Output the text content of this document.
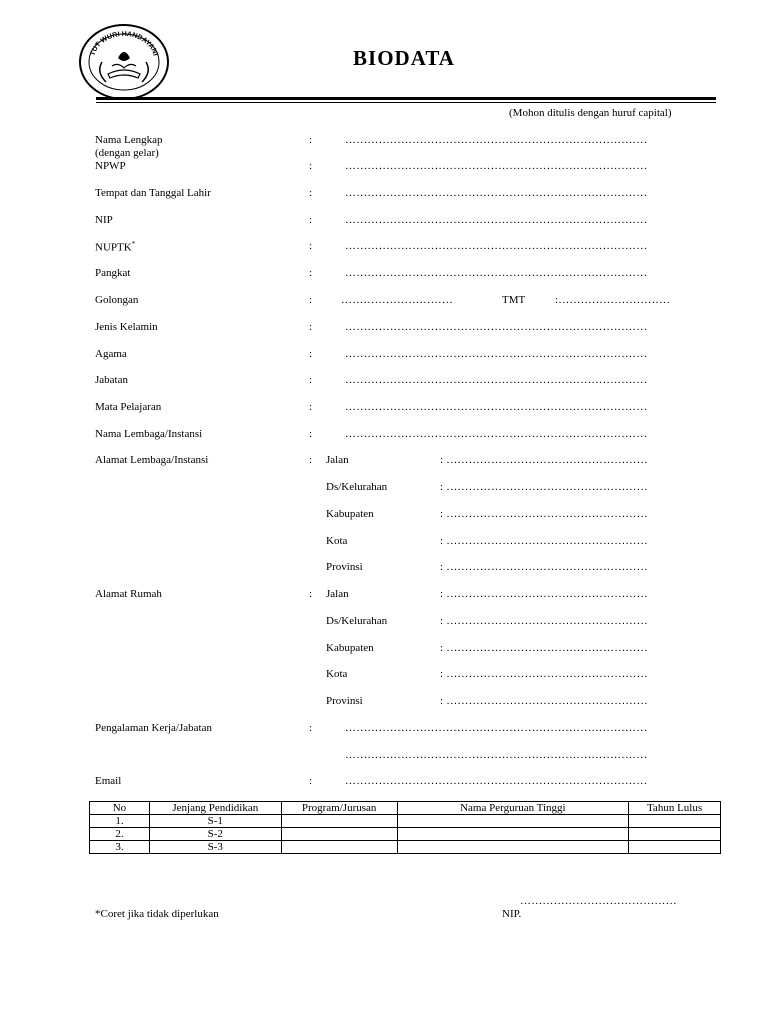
TUT WURI HANDAYANI	BIODATA
(Mohon ditulis dengan huruf capital)
Nama Lengkap
(dengan gelar)
:	………………………………………………………………………
NPWP	:	………………………………………………………………………
Tempat dan Tanggal Lahir	:	………………………………………………………………………
NIP	:	………………………………………………………………………
NUPTK*	:	………………………………………………………………………
Pangkat	:	………………………………………………………………………
Golongan	:	…………………………	TMT	:…………………………
Jenis Kelamin	:	………………………………………………………………………
Agama	:	………………………………………………………………………
Jabatan	:	………………………………………………………………………
Mata Pelajaran	:	………………………………………………………………………
Nama Lembaga/Instansi	:	………………………………………………………………………
Alamat Lembaga/Instansi	: Jalan	: ………………………………………………
Ds/Kelurahan	: ………………………………………………
Kabupaten	: ………………………………………………
Kota	: ………………………………………………
Provinsi	: ………………………………………………
Alamat Rumah	: Jalan	: ………………………………………………
Ds/Kelurahan	: ………………………………………………
Kabupaten	: ………………………………………………
Kota	: ………………………………………………
Provinsi	: ………………………………………………
Pengalaman Kerja/Jabatan	:	………………………………………………………………………
………………………………………………………………………
Email	:	………………………………………………………………………
No	Jenjang Pendidikan	Program/Jurusan	Nama Perguruan Tinggi	Tahun Lulus
1.	S-1			
2.	S-2			
3.	S-3			
……………………………………
*Coret jika tidak diperlukan	NIP.
